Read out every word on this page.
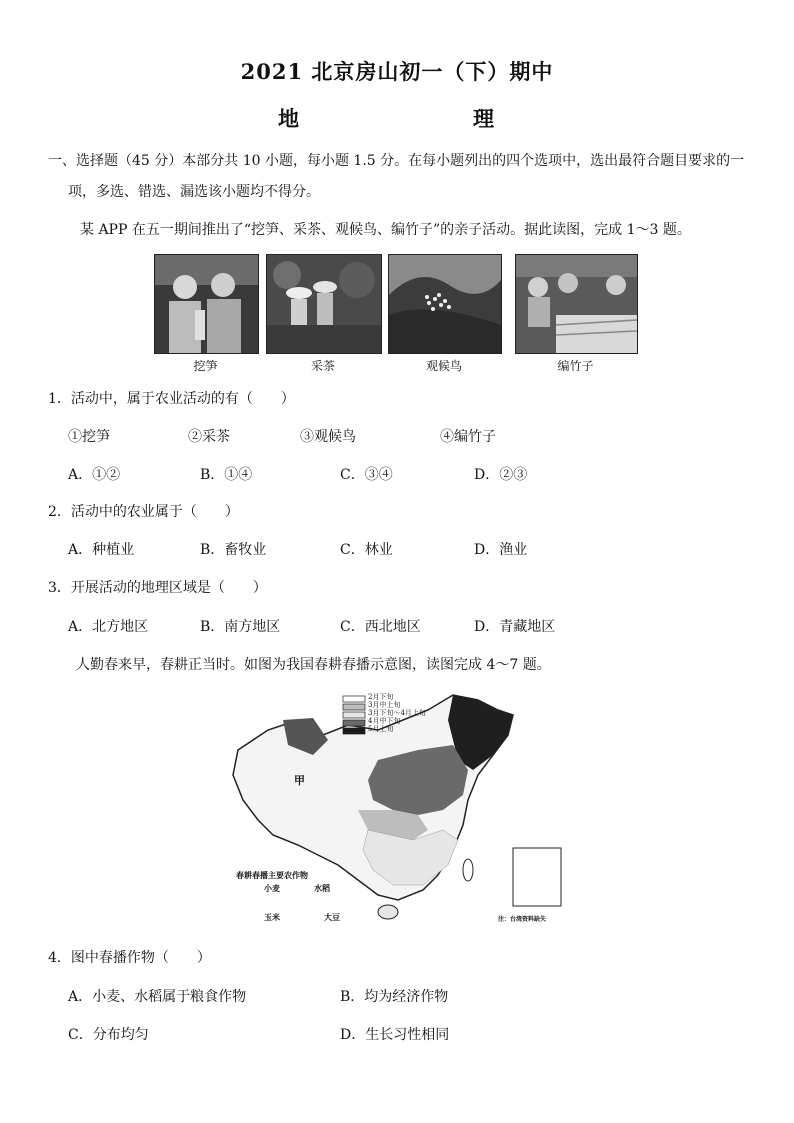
2021 北京房山初一（下）期中
地　　理
一、选择题（45 分）本部分共 10 小题，每小题 1.5 分。在每小题列出的四个选项中，选出最符合题目要求的一
项，多选、错选、漏选该小题均不得分。
某 APP 在五一期间推出了“挖笋、采茶、观候鸟、编竹子”的亲子活动。据此读图，完成 1～3 题。
挖笋	采茶	观候鸟	编竹子
1．活动中，属于农业活动的有（　　）
①挖笋	②采茶	③观候鸟	④编竹子
A．①②	B．①④	C．③④	D．②③
2．活动中的农业属于（　　）
A．种植业	B．畜牧业	C．林业	D．渔业
3．开展活动的地理区域是（　　）
A．北方地区	B．南方地区	C．西北地区	D．青藏地区
人勤春来早，春耕正当时。如图为我国春耕春播示意图，读图完成 4～7 题。
2月下旬
3月中上旬
3月下旬～4月上旬
4月中下旬
5月上旬
甲
春耕春播主要农作物
小麦	水稻
玉米	大豆	注：台湾资料缺失
4．图中春播作物（　　）
A．小麦、水稻属于粮食作物	B．均为经济作物
C．分布均匀	D．生长习性相同
